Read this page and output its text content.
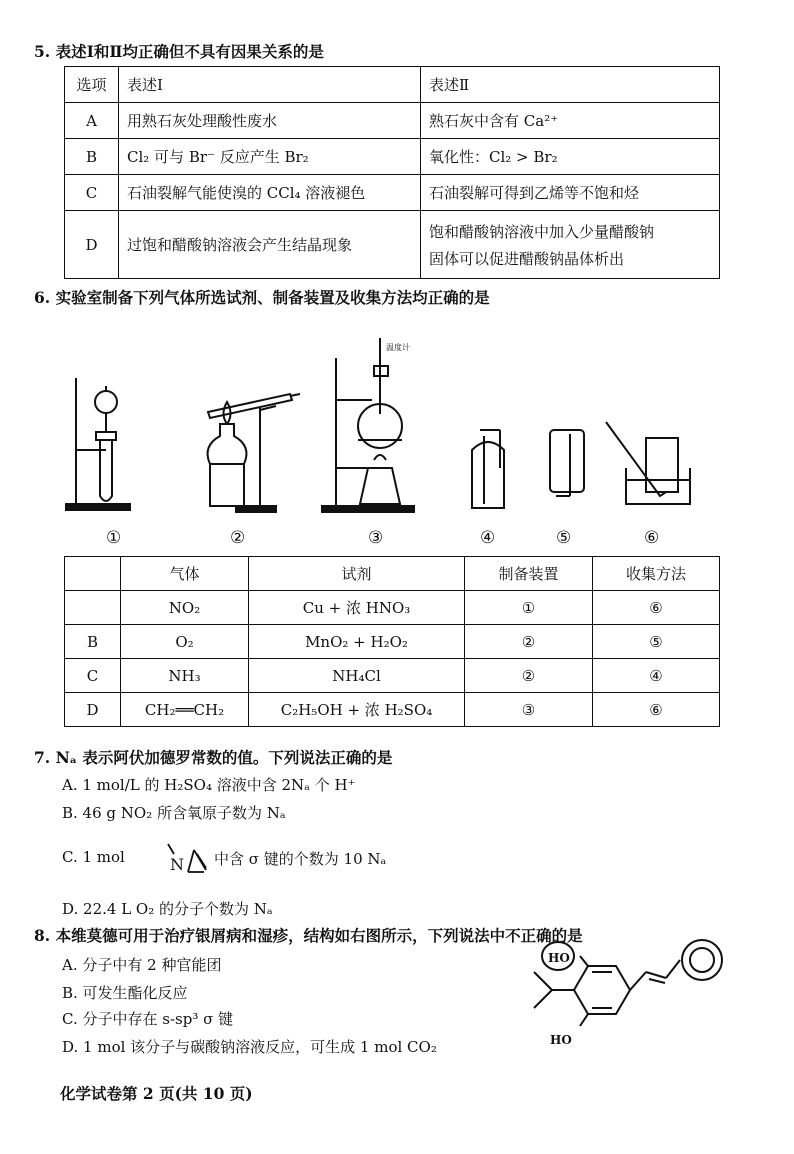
5. 表述Ⅰ和Ⅱ均正确但不具有因果关系的是
选项	表述Ⅰ	表述Ⅱ
A	用熟石灰处理酸性废水	熟石灰中含有 Ca²⁺
B	Cl₂ 可与 Br⁻ 反应产生 Br₂	氧化性：Cl₂ > Br₂
C	石油裂解气能使溴的 CCl₄ 溶液褪色	石油裂解可得到乙烯等不饱和烃
D	过饱和醋酸钠溶液会产生结晶现象	饱和醋酸钠溶液中加入少量醋酸钠
固体可以促进醋酸钠晶体析出
6. 实验室制备下列气体所选试剂、制备装置及收集方法均正确的是
温度计
①	②	③	④	⑤	⑥
	气体	试剂	制备装置	收集方法
	NO₂	Cu + 浓 HNO₃	①	⑥
B	O₂	MnO₂ + H₂O₂	②	⑤
C	NH₃	NH₄Cl	②	④
D	CH₂══CH₂	C₂H₅OH + 浓 H₂SO₄	③	⑥
7. Nₐ 表示阿伏加德罗常数的值。下列说法正确的是
A. 1 mol/L 的 H₂SO₄ 溶液中含 2Nₐ 个 H⁺
B. 46 g NO₂ 所含氧原子数为 Nₐ
C. 1 mol	N 中含 σ 键的个数为 10 Nₐ
D. 22.4 L O₂ 的分子个数为 Nₐ
8. 本维莫德可用于治疗银屑病和湿疹，结构如右图所示，下列说法中不正确的是
A. 分子中有 2 种官能团
B. 可发生酯化反应
C. 分子中存在 s-sp³ σ 键
D. 1 mol 该分子与碳酸钠溶液反应，可生成 1 mol CO₂
HO
HO
化学试卷第 2 页(共 10 页)
